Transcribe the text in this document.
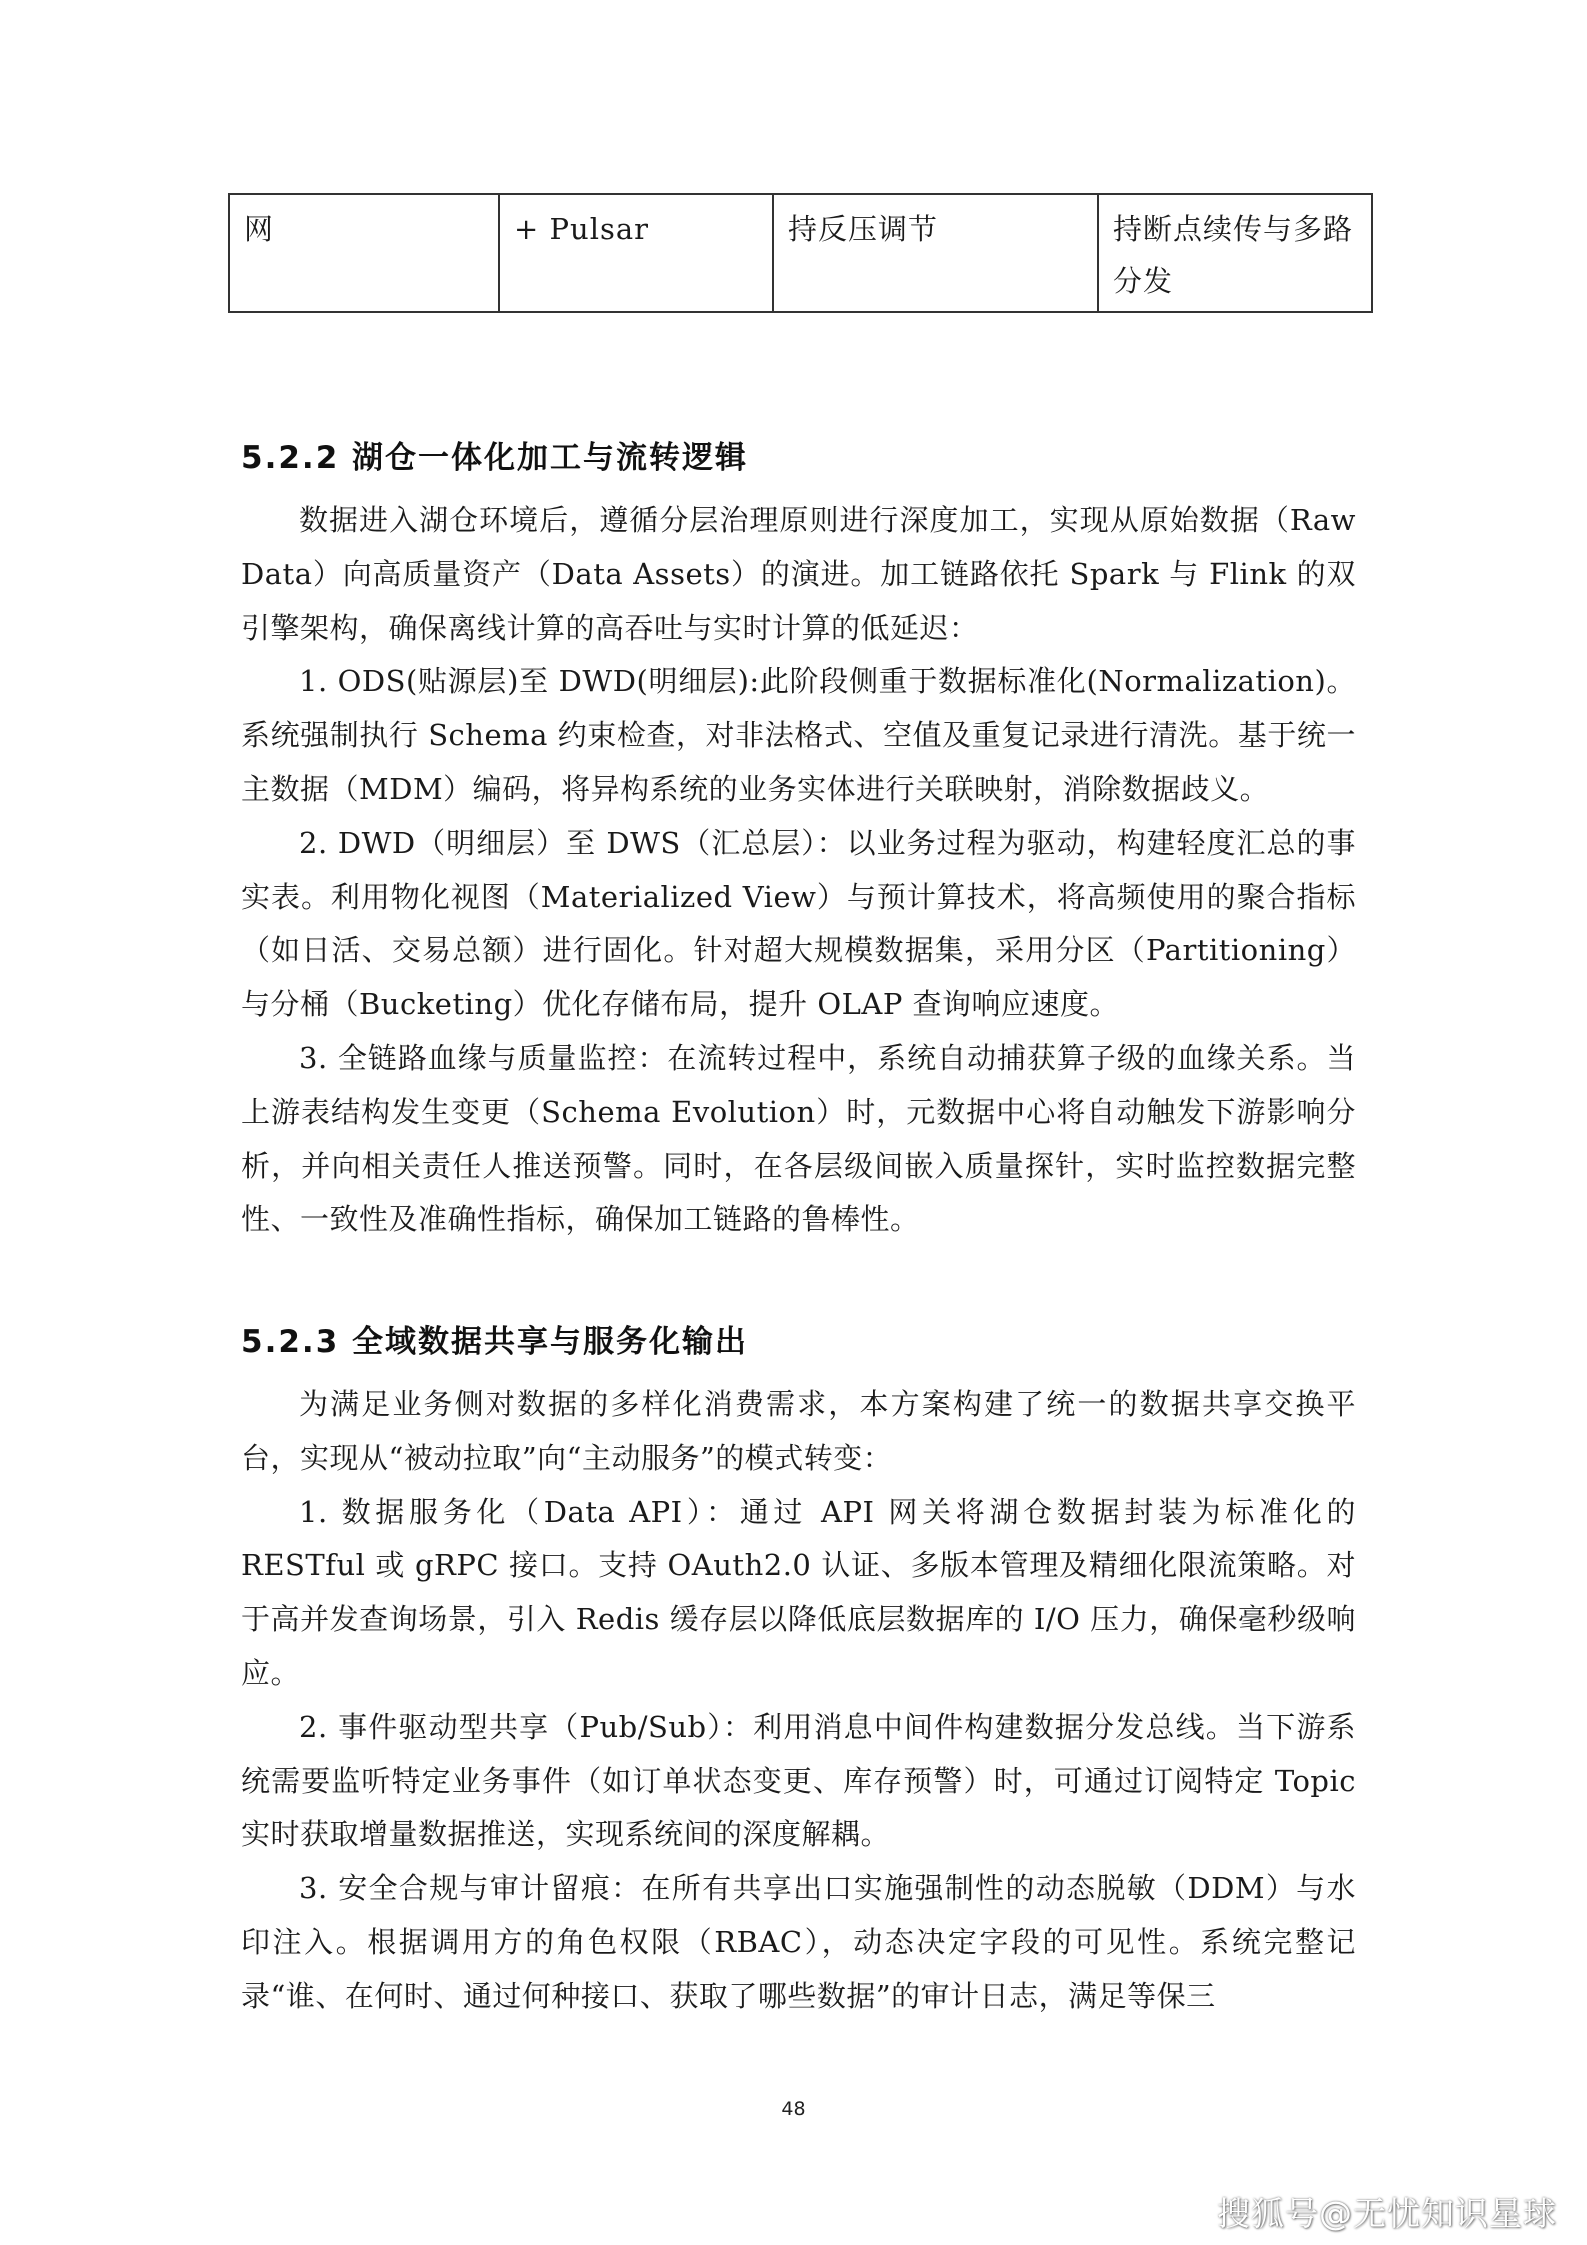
网	+ Pulsar	持反压调节	持断点续传与多路分发
5.2.2 湖仓一体化加工与流转逻辑

数据进入湖仓环境后，遵循分层治理原则进行深度加工，实现从原始数据（Raw Data）向高质量资产（Data Assets）的演进。加工链路依托 Spark 与 Flink 的双引擎架构，确保离线计算的高吞吐与实时计算的低延迟：

1. ODS(贴源层)至 DWD(明细层):此阶段侧重于数据标准化(Normalization)。系统强制执行 Schema 约束检查，对非法格式、空值及重复记录进行清洗。基于统一主数据（MDM）编码，将异构系统的业务实体进行关联映射，消除数据歧义。

2. DWD（明细层）至 DWS（汇总层）：以业务过程为驱动，构建轻度汇总的事实表。利用物化视图（Materialized View）与预计算技术，将高频使用的聚合指标（如日活、交易总额）进行固化。针对超大规模数据集，采用分区（Partitioning）与分桶（Bucketing）优化存储布局，提升 OLAP 查询响应速度。

3. 全链路血缘与质量监控：在流转过程中，系统自动捕获算子级的血缘关系。当上游表结构发生变更（Schema Evolution）时，元数据中心将自动触发下游影响分析，并向相关责任人推送预警。同时，在各层级间嵌入质量探针，实时监控数据完整性、一致性及准确性指标，确保加工链路的鲁棒性。

5.2.3 全域数据共享与服务化输出

为满足业务侧对数据的多样化消费需求，本方案构建了统一的数据共享交换平台，实现从“被动拉取”向“主动服务”的模式转变：

1. 数据服务化（Data API）：通过 API 网关将湖仓数据封装为标准化的 RESTful 或 gRPC 接口。支持 OAuth2.0 认证、多版本管理及精细化限流策略。对于高并发查询场景，引入 Redis 缓存层以降低底层数据库的 I/O 压力，确保毫秒级响应。

2. 事件驱动型共享（Pub/Sub）：利用消息中间件构建数据分发总线。当下游系统需要监听特定业务事件（如订单状态变更、库存预警）时，可通过订阅特定 Topic 实时获取增量数据推送，实现系统间的深度解耦。

3. 安全合规与审计留痕：在所有共享出口实施强制性的动态脱敏（DDM）与水印注入。根据调用方的角色权限（RBAC），动态决定字段的可见性。系统完整记录“谁、在何时、通过何种接口、获取了哪些数据”的审计日志，满足等保三

48
搜狐号@无忧知识星球
